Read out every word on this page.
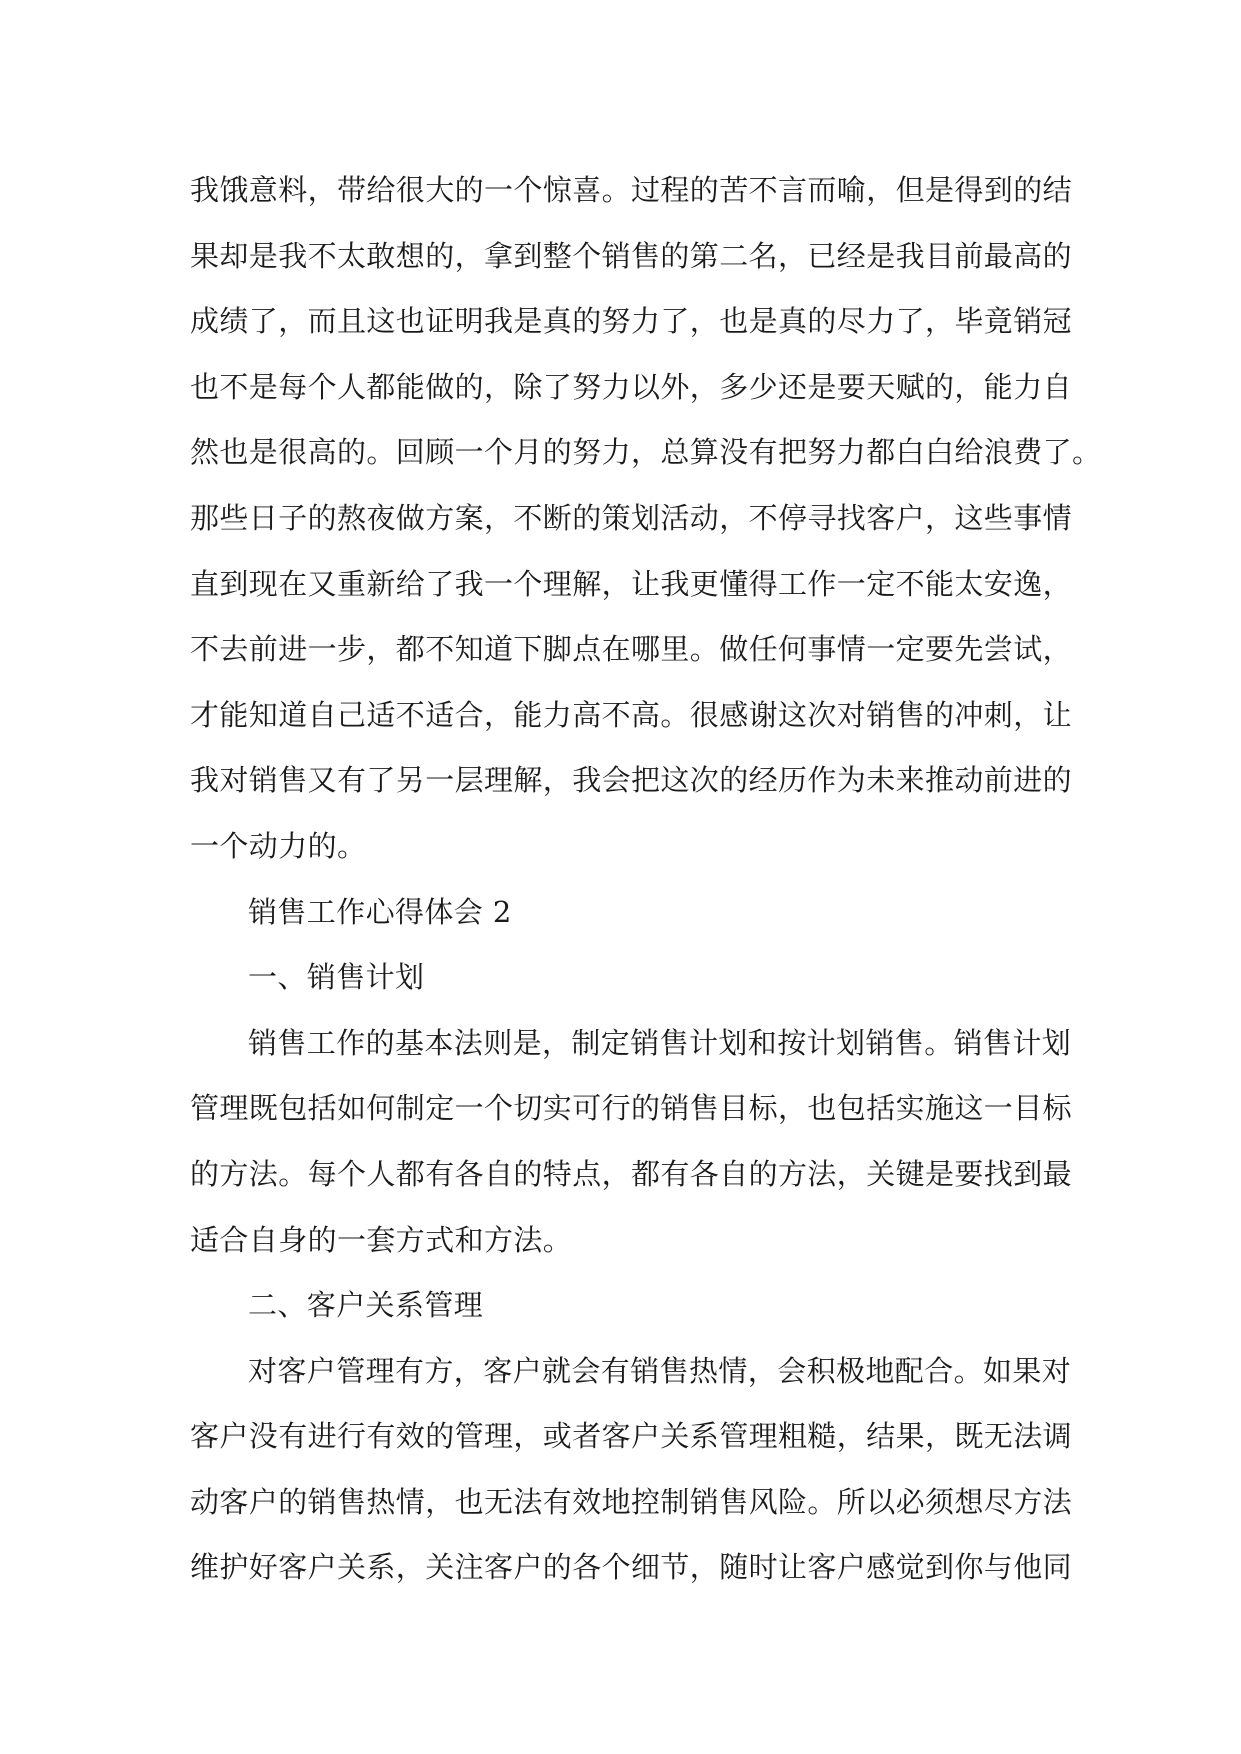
我饿意料，带给很大的一个惊喜。过程的苦不言而喻，但是得到的结
果却是我不太敢想的，拿到整个销售的第二名，已经是我目前最高的
成绩了，而且这也证明我是真的努力了，也是真的尽力了，毕竟销冠
也不是每个人都能做的，除了努力以外，多少还是要天赋的，能力自
然也是很高的。回顾一个月的努力，总算没有把努力都白白给浪费了。
那些日子的熬夜做方案，不断的策划活动，不停寻找客户，这些事情
直到现在又重新给了我一个理解，让我更懂得工作一定不能太安逸，
不去前进一步，都不知道下脚点在哪里。做任何事情一定要先尝试，
才能知道自己适不适合，能力高不高。很感谢这次对销售的冲刺，让
我对销售又有了另一层理解，我会把这次的经历作为未来推动前进的
一个动力的。
销售工作心得体会 2
一、销售计划
销售工作的基本法则是，制定销售计划和按计划销售。销售计划
管理既包括如何制定一个切实可行的销售目标，也包括实施这一目标
的方法。每个人都有各自的特点，都有各自的方法，关键是要找到最
适合自身的一套方式和方法。
二、客户关系管理
对客户管理有方，客户就会有销售热情，会积极地配合。如果对
客户没有进行有效的管理，或者客户关系管理粗糙，结果，既无法调
动客户的销售热情，也无法有效地控制销售风险。所以必须想尽方法
维护好客户关系，关注客户的各个细节，随时让客户感觉到你与他同
